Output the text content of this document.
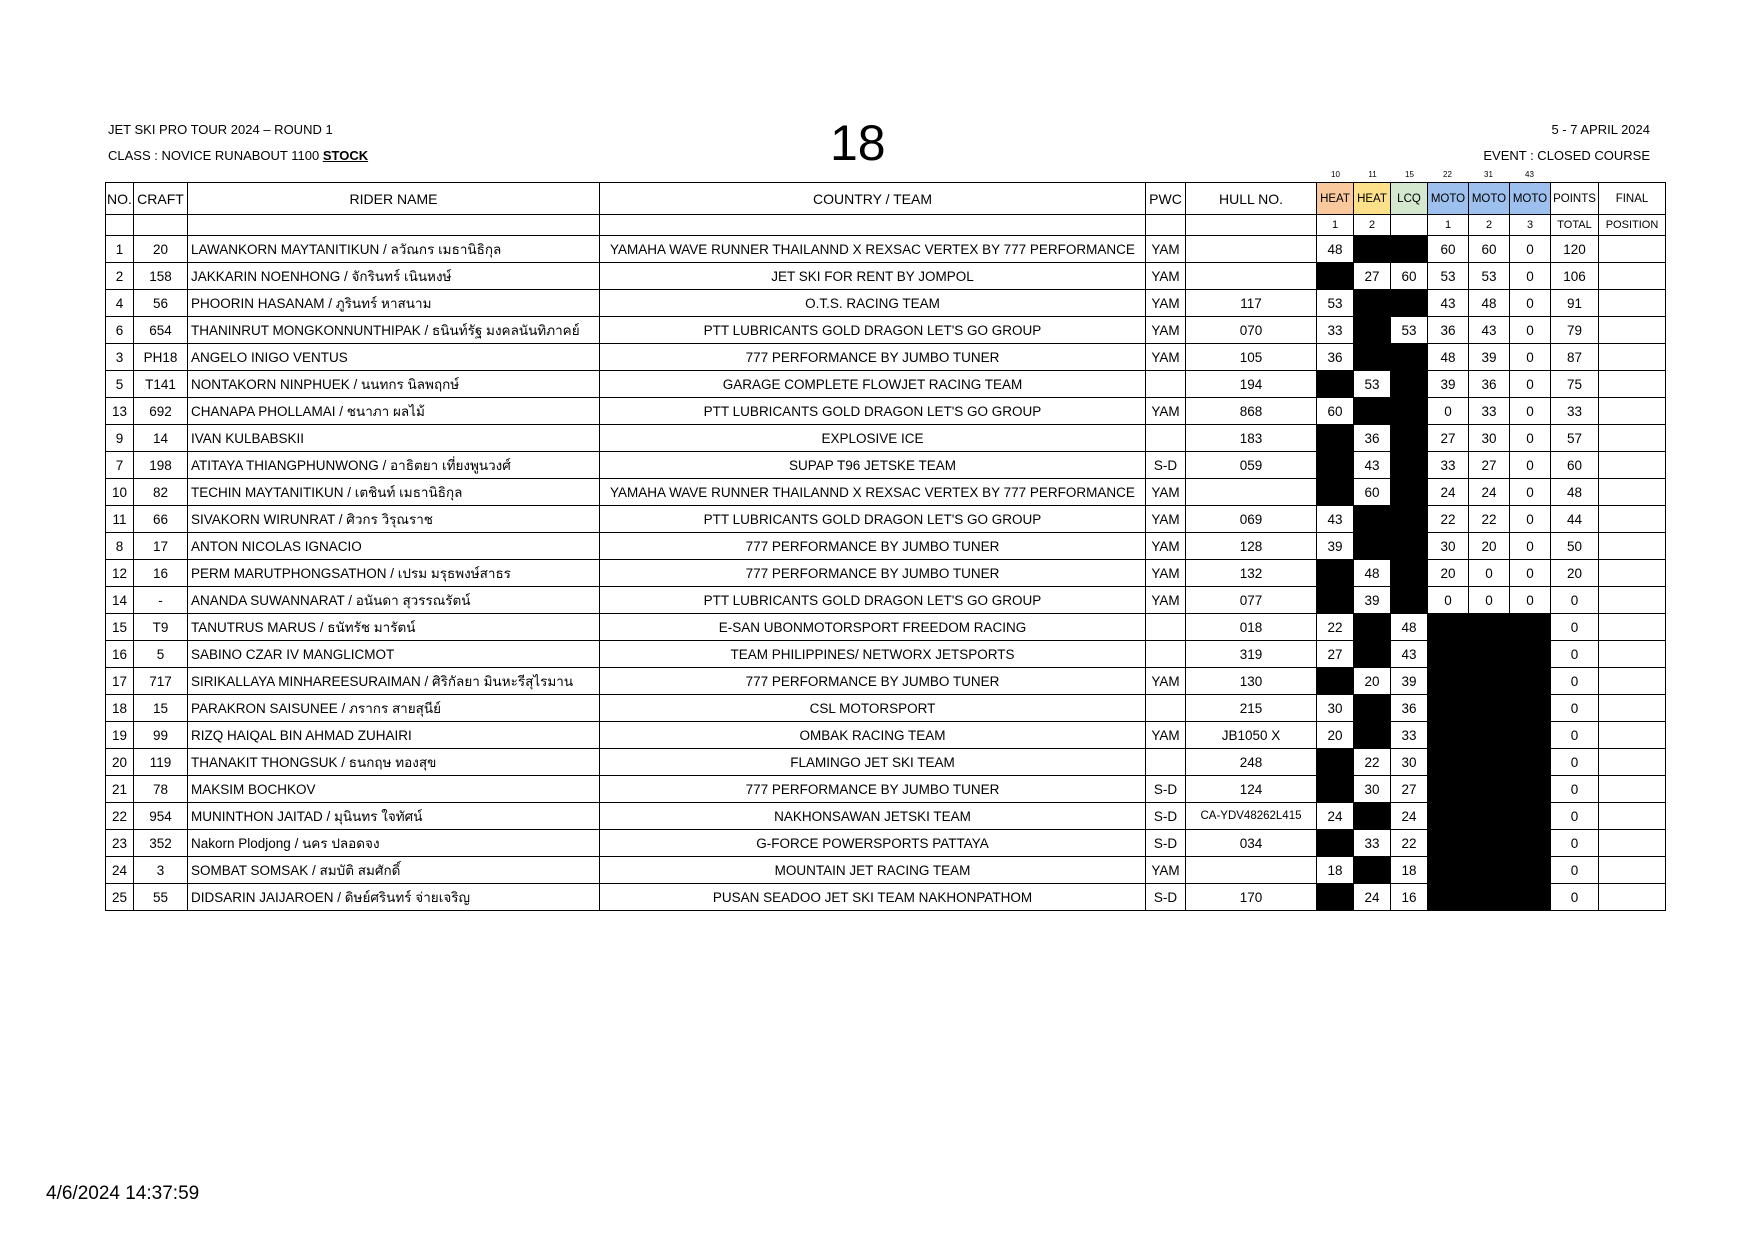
JET SKI PRO TOUR 2024 – ROUND 1
CLASS : NOVICE RUNABOUT 1100 STOCK	18	5 - 7 APRIL 2024
EVENT : CLOSED COURSE
10	11	15	22	31	43
NO.	CRAFT	RIDER NAME	COUNTRY / TEAM	PWC	HULL NO.	HEAT	HEAT	LCQ	MOTO	MOTO	MOTO	POINTS	FINAL
						1	2		1	2	3	TOTAL	POSITION
1	20	LAWANKORN MAYTANITIKUN / ลวัณกร เมธานิธิกุล	YAMAHA WAVE RUNNER THAILANND X REXSAC VERTEX BY 777 PERFORMANCE	YAM		48			60	60	0	120	
2	158	JAKKARIN NOENHONG / จักรินทร์ เนินหงษ์	JET SKI FOR RENT BY JOMPOL	YAM			27	60	53	53	0	106	
4	56	PHOORIN HASANAM / ภูรินทร์ หาสนาม	O.T.S. RACING TEAM	YAM	117	53			43	48	0	91	
6	654	THANINRUT MONGKONNUNTHIPAK / ธนินท์รัฐ มงคลนันทิภาคย์	PTT LUBRICANTS GOLD DRAGON LET'S GO GROUP	YAM	070	33		53	36	43	0	79	
3	PH18	ANGELO INIGO VENTUS	777 PERFORMANCE BY JUMBO TUNER	YAM	105	36			48	39	0	87	
5	T141	NONTAKORN NINPHUEK / นนทกร นิลพฤกษ์	GARAGE COMPLETE FLOWJET RACING TEAM		194		53		39	36	0	75	
13	692	CHANAPA PHOLLAMAI / ชนาภา ผลไม้	PTT LUBRICANTS GOLD DRAGON LET'S GO GROUP	YAM	868	60			0	33	0	33	
9	14	IVAN KULBABSKII	EXPLOSIVE ICE		183		36		27	30	0	57	
7	198	ATITAYA THIANGPHUNWONG / อาธิตยา เที่ยงพูนวงศ์	SUPAP T96 JETSKE TEAM	S-D	059		43		33	27	0	60	
10	82	TECHIN MAYTANITIKUN / เตชินท์ เมธานิธิกุล	YAMAHA WAVE RUNNER THAILANND X REXSAC VERTEX BY 777 PERFORMANCE	YAM			60		24	24	0	48	
11	66	SIVAKORN WIRUNRAT / ศิวกร วิรุณราช	PTT LUBRICANTS GOLD DRAGON LET'S GO GROUP	YAM	069	43			22	22	0	44	
8	17	ANTON NICOLAS IGNACIO	777 PERFORMANCE BY JUMBO TUNER	YAM	128	39			30	20	0	50	
12	16	PERM MARUTPHONGSATHON / เปรม มรุธพงษ์สาธร	777 PERFORMANCE BY JUMBO TUNER	YAM	132		48		20	0	0	20	
14	-	ANANDA SUWANNARAT / อนันดา สุวรรณรัตน์	PTT LUBRICANTS GOLD DRAGON LET'S GO GROUP	YAM	077		39		0	0	0	0	
15	T9	TANUTRUS MARUS / ธนัทรัช มารัตน์	E-SAN UBONMOTORSPORT FREEDOM RACING		018	22		48				0	
16	5	SABINO CZAR IV MANGLICMOT	TEAM PHILIPPINES/ NETWORX JETSPORTS		319	27		43				0	
17	717	SIRIKALLAYA MINHAREESURAIMAN / ศิริกัลยา มินหะรีสุไรมาน	777 PERFORMANCE BY JUMBO TUNER	YAM	130		20	39				0	
18	15	PARAKRON SAISUNEE / ภรากร สายสุนีย์	CSL MOTORSPORT		215	30		36				0	
19	99	RIZQ HAIQAL BIN AHMAD ZUHAIRI	OMBAK RACING TEAM	YAM	JB1050 X	20		33				0	
20	119	THANAKIT THONGSUK / ธนกฤษ ทองสุข	FLAMINGO JET SKI TEAM		248		22	30				0	
21	78	MAKSIM BOCHKOV	777 PERFORMANCE BY JUMBO TUNER	S-D	124		30	27				0	
22	954	MUNINTHON JAITAD / มุนินทร ใจทัศน์	NAKHONSAWAN JETSKI TEAM	S-D	CA-YDV48262L415	24		24				0	
23	352	Nakorn Plodjong / นคร ปลอดจง	G-FORCE POWERSPORTS PATTAYA	S-D	034		33	22				0	
24	3	SOMBAT SOMSAK / สมบัติ สมศักดิ์	MOUNTAIN JET RACING TEAM	YAM		18		18				0	
25	55	DIDSARIN JAIJAROEN / ดิษย์ศรินทร์ จ่ายเจริญ	PUSAN SEADOO JET SKI TEAM NAKHONPATHOM	S-D	170		24	16				0	
4/6/2024 14:37:59
